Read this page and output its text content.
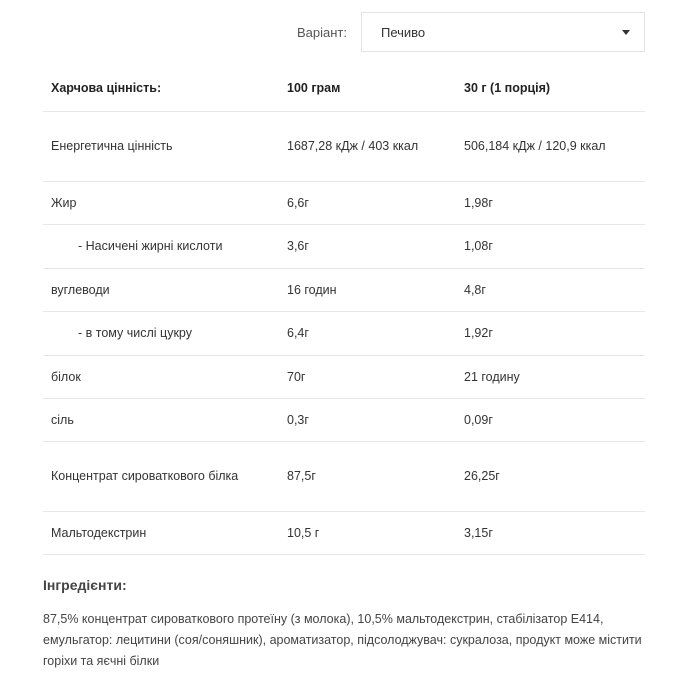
Варіант:	Печиво
Харчова цінність:	100 грам	30 г (1 порція)
Енергетична цінність	1687,28 кДж / 403 ккал	506,184 кДж / 120,9 ккал
Жир	6,6г	1,98г
- Насичені жирні кислоти	3,6г	1,08г
вуглеводи	16 годин	4,8г
- в тому числі цукру	6,4г	1,92г
білок	70г	21 годину
сіль	0,3г	0,09г
Концентрат сироваткового білка	87,5г	26,25г
Мальтодекстрин	10,5 г	3,15г
Інгредієнти:
87,5% концентрат сироваткового протеїну (з молока), 10,5% мальтодекстрин, стабілізатор Е414, емульгатор: лецитини (соя/соняшник), ароматизатор, підсолоджувач: сукралоза, продукт може містити горіхи та яєчні білки
